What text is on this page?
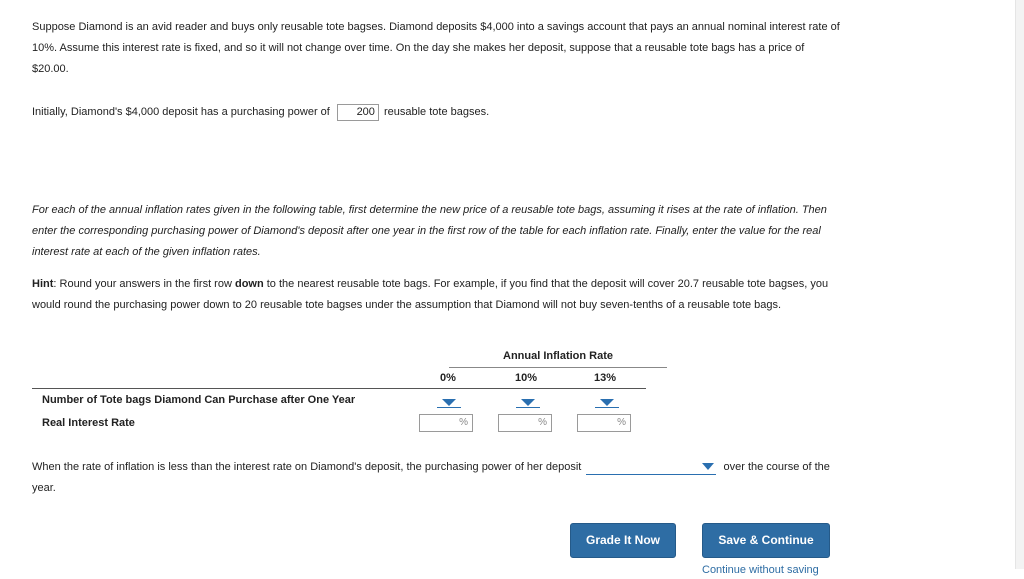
Suppose Diamond is an avid reader and buys only reusable tote bagses. Diamond deposits $4,000 into a savings account that pays an annual nominal interest rate of 10%. Assume this interest rate is fixed, and so it will not change over time. On the day she makes her deposit, suppose that a reusable tote bags has a price of $20.00.

Initially, Diamond's $4,000 deposit has a purchasing power of 200 reusable tote bagses.

For each of the annual inflation rates given in the following table, first determine the new price of a reusable tote bags, assuming it rises at the rate of inflation. Then enter the corresponding purchasing power of Diamond's deposit after one year in the first row of the table for each inflation rate. Finally, enter the value for the real interest rate at each of the given inflation rates.

Hint: Round your answers in the first row down to the nearest reusable tote bags. For example, if you find that the deposit will cover 20.7 reusable tote bagses, you would round the purchasing power down to 20 reusable tote bagses under the assumption that Diamond will not buy seven-tenths of a reusable tote bags.

Annual Inflation Rate
0%	10%	13%
Number of Tote bags Diamond Can Purchase after One Year
Real Interest Rate	%	%	%

When the rate of inflation is less than the interest rate on Diamond's deposit, the purchasing power of her deposit	over the course of the year.

Grade It Now	Save & Continue
Continue without saving
